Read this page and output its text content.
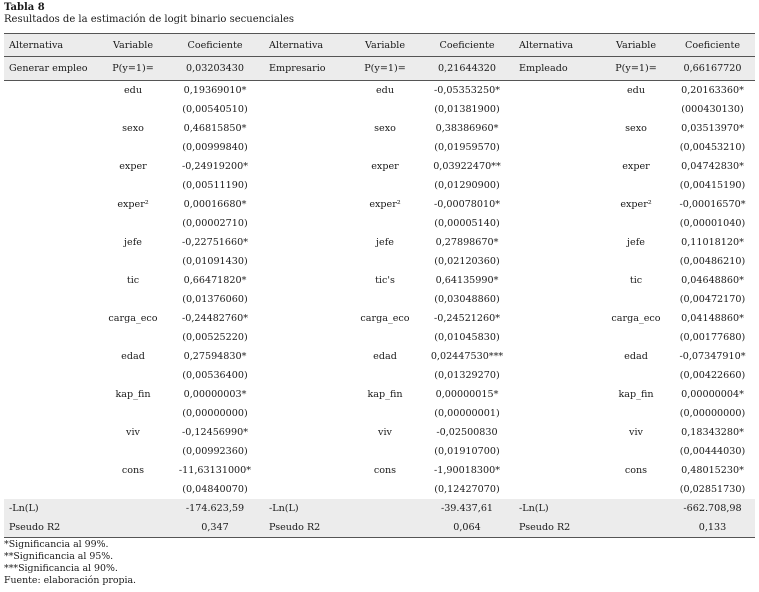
Tabla 8
Resultados de la estimación de logit binario secuenciales
Alternativa	Variable	Coeficiente	Alternativa	Variable	Coeficiente	Alternativa	Variable	Coeficiente
Generar empleo	P(y=1)=	0,03203430	Empresario	P(y=1)=	0,21644320	Empleado	P(y=1)=	0,66167720
	edu	0,19369010*		edu	-0,05353250*		edu	0,20163360*
		(0,00540510)			(0,01381900)			(000430130)
	sexo	0,46815850*		sexo	0,38386960*		sexo	0,03513970*
		(0,00999840)			(0,01959570)			(0,00453210)
	exper	-0,24919200*		exper	0,03922470**		exper	0,04742830*
		(0,00511190)			(0,01290900)			(0,00415190)
	exper²	0,00016680*		exper²	-0,00078010*		exper²	-0,00016570*
		(0,00002710)			(0,00005140)			(0,00001040)
	jefe	-0,22751660*		jefe	0,27898670*		jefe	0,11018120*
		(0,01091430)			(0,02120360)			(0,00486210)
	tic	0,66471820*		tic's	0,64135990*		tic	0,04648860*
		(0,01376060)			(0,03048860)			(0,00472170)
	carga_eco	-0,24482760*		carga_eco	-0,24521260*		carga_eco	0,04148860*
		(0,00525220)			(0,01045830)			(0,00177680)
	edad	0,27594830*		edad	0,02447530***		edad	-0,07347910*
		(0,00536400)			(0,01329270)			(0,00422660)
	kap_fin	0,00000003*		kap_fin	0,00000015*		kap_fin	0,00000004*
		(0,00000000)			(0,00000001)			(0,00000000)
	viv	-0,12456990*		viv	-0,02500830		viv	0,18343280*
		(0,00992360)			(0,01910700)			(0,00444030)
	cons	-11,63131000*		cons	-1,90018300*		cons	0,48015230*
		(0,04840070)			(0,12427070)			(0,02851730)
-Ln(L)		-174.623,59	-Ln(L)		-39.437,61	-Ln(L)		-662.708,98
Pseudo R2		0,347	Pseudo R2		0,064	Pseudo R2		0,133
*Significancia al 99%.
**Significancia al 95%.
***Significancia al 90%.
Fuente: elaboración propia.
